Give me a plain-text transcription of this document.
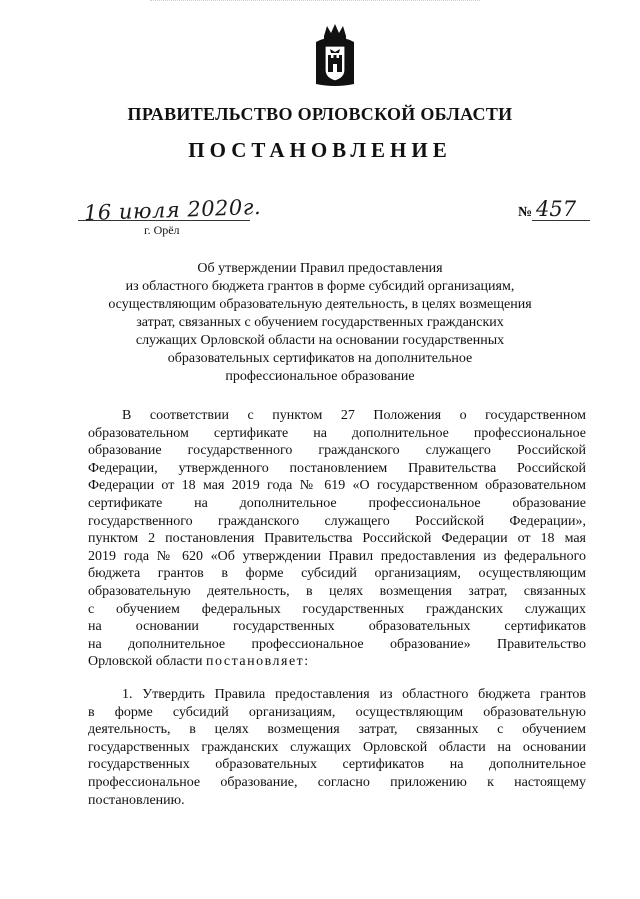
ПРАВИТЕЛЬСТВО ОРЛОВСКОЙ ОБЛАСТИ
ПОСТАНОВЛЕНИЕ
16 июля 2020г.
г. Орёл
№ 457
Об утверждении Правил предоставления
из областного бюджета грантов в форме субсидий организациям,
осуществляющим образовательную деятельность, в целях возмещения
затрат, связанных с обучением государственных гражданских
служащих Орловской области на основании государственных
образовательных сертификатов на дополнительное
профессиональное образование
В соответствии с пунктом 27 Положения о государственном
образовательном сертификате на дополнительное профессиональное
образование государственного гражданского служащего Российской
Федерации, утвержденного постановлением Правительства Российской
Федерации от 18 мая 2019 года № 619 «О государственном образовательном
сертификате на дополнительное профессиональное образование
государственного гражданского служащего Российской Федерации»,
пунктом 2 постановления Правительства Российской Федерации от 18 мая
2019 года № 620 «Об утверждении Правил предоставления из федерального
бюджета грантов в форме субсидий организациям, осуществляющим
образовательную деятельность, в целях возмещения затрат, связанных
с обучением федеральных государственных гражданских служащих
на основании государственных образовательных сертификатов
на дополнительное профессиональное образование» Правительство
Орловской области постановляет:
1. Утвердить Правила предоставления из областного бюджета грантов
в форме субсидий организациям, осуществляющим образовательную
деятельность, в целях возмещения затрат, связанных с обучением
государственных гражданских служащих Орловской области на основании
государственных образовательных сертификатов на дополнительное
профессиональное образование, согласно приложению к настоящему
постановлению.
